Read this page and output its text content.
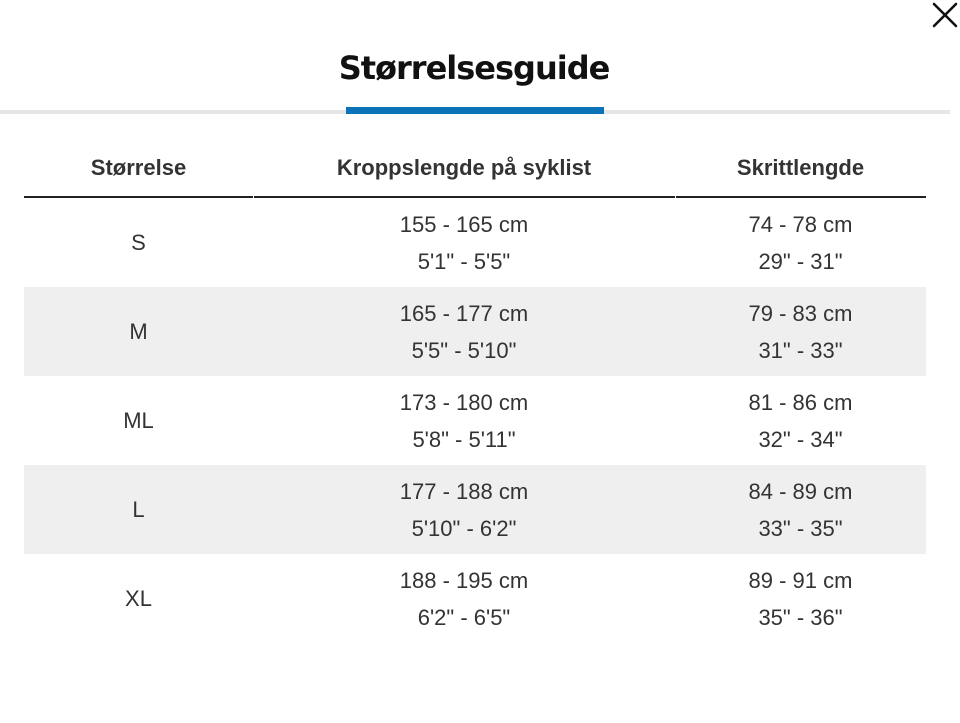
Størrelsesguide
Størrelse	Kroppslengde på syklist	Skrittlengde
S
155 - 165 cm
5'1" - 5'5"
74 - 78 cm
29" - 31"
M
165 - 177 cm
5'5" - 5'10"
79 - 83 cm
31" - 33"
ML
173 - 180 cm
5'8" - 5'11"
81 - 86 cm
32" - 34"
L
177 - 188 cm
5'10" - 6'2"
84 - 89 cm
33" - 35"
XL
188 - 195 cm
6'2" - 6'5"
89 - 91 cm
35" - 36"
